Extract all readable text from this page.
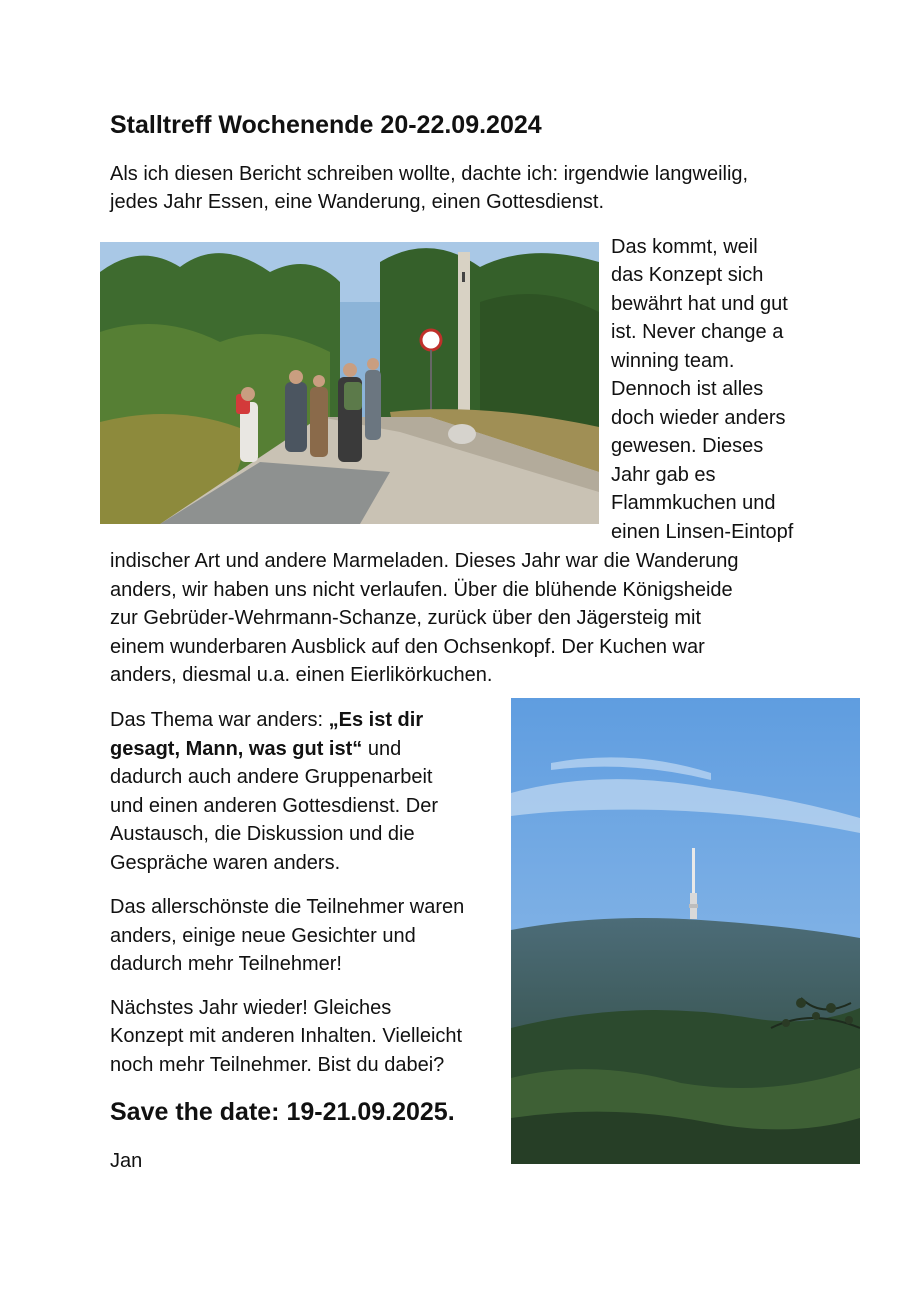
Stalltreff Wochenende 20-22.09.2024
Als ich diesen Bericht schreiben wollte, dachte ich: irgendwie langweilig,
jedes Jahr Essen, eine Wanderung, einen Gottesdienst.
Das kommt, weil
das Konzept sich
bewährt hat und gut
ist. Never change a
winning team.
Dennoch ist alles
doch wieder anders
gewesen. Dieses
Jahr gab es
Flammkuchen und
einen Linsen-Eintopf
indischer Art und andere Marmeladen. Dieses Jahr war die Wanderung
anders, wir haben uns nicht verlaufen. Über die blühende Königsheide
zur Gebrüder-Wehrmann-Schanze, zurück über den Jägersteig mit
einem wunderbaren Ausblick auf den Ochsenkopf. Der Kuchen war
anders, diesmal u.a. einen Eierlikörkuchen.
Das Thema war anders: „Es ist dir
gesagt, Mann, was gut ist“ und
dadurch auch andere Gruppenarbeit
und einen anderen Gottesdienst. Der
Austausch, die Diskussion und die
Gespräche waren anders.
Das allerschönste die Teilnehmer waren
anders, einige neue Gesichter und
dadurch mehr Teilnehmer!
Nächstes Jahr wieder! Gleiches
Konzept mit anderen Inhalten. Vielleicht
noch mehr Teilnehmer. Bist du dabei?
Save the date: 19-21.09.2025.
Jan
